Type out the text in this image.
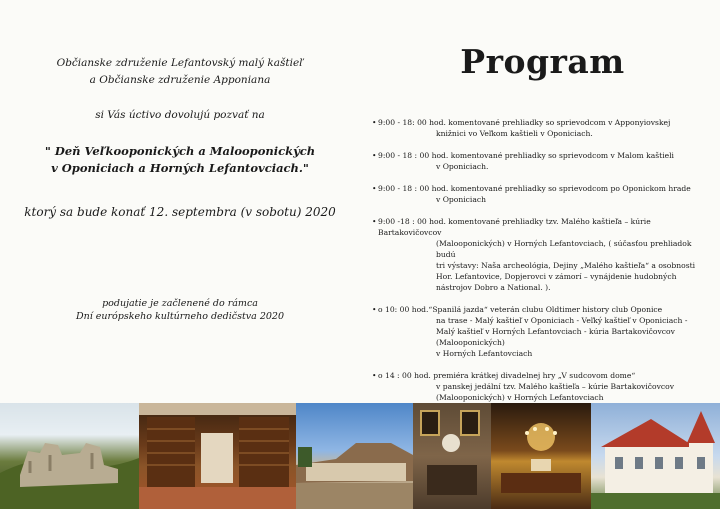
Občianske združenie Lefantovský malý kaštieľ
a Občianske združenie Apponiana
si Vás úctivo dovolujú pozvať na
" Deň Veľkooponických a Malooponických
v Oponiciach a Horných Lefantovciach."
ktorý sa bude konať 12. septembra (v sobotu) 2020
podujatie je začlenené do rámca
Dní európskeho kultúrneho dedičstva 2020
Program
• 9:00 - 18: 00 hod. komentované prehliadky so sprievodcom v Apponyiovskej
knižnici vo Veľkom kaštieli v Oponiciach.
• 9:00 - 18 : 00 hod. komentované prehliadky so sprievodcom v Malom kaštieli
v Oponiciach.
• 9:00 - 18 : 00 hod. komentované prehliadky so sprievodcom po Oponickom hrade
v Oponiciach
• 9:00 -18 : 00 hod. komentované prehliadky tzv. Malého kaštieľa – kúrie Bartakovičovcov
(Malooponických) v Horných Lefantovciach, ( súčasťou prehliadok budú
tri výstavy: Naša archeológia, Dejiny „Malého kaštieľa“ a osobnosti
Hor. Lefantovice, Dopjerovci v zámorí – vynájdenie hudobných
nástrojov Dobro a National. ).
• o 10: 00 hod.“Spanilá jazda“ veterán clubu Oldtimer history club Oponice
na trase - Malý kaštieľ v Oponiciach - Veľký kaštieľ v Oponiciach -
Malý kaštieľ v Horných Lefantovciach - kúria Bartakovičovcov (Malooponických)
v Horných Lefantovciach
• o 14 : 00 hod. premiéra krátkej divadelnej hry „V sudcovom dome“
v panskej jedální tzv. Malého kaštieľa – kúrie Bartakovičovcov
(Malooponických) v Horných Lefantovciach
